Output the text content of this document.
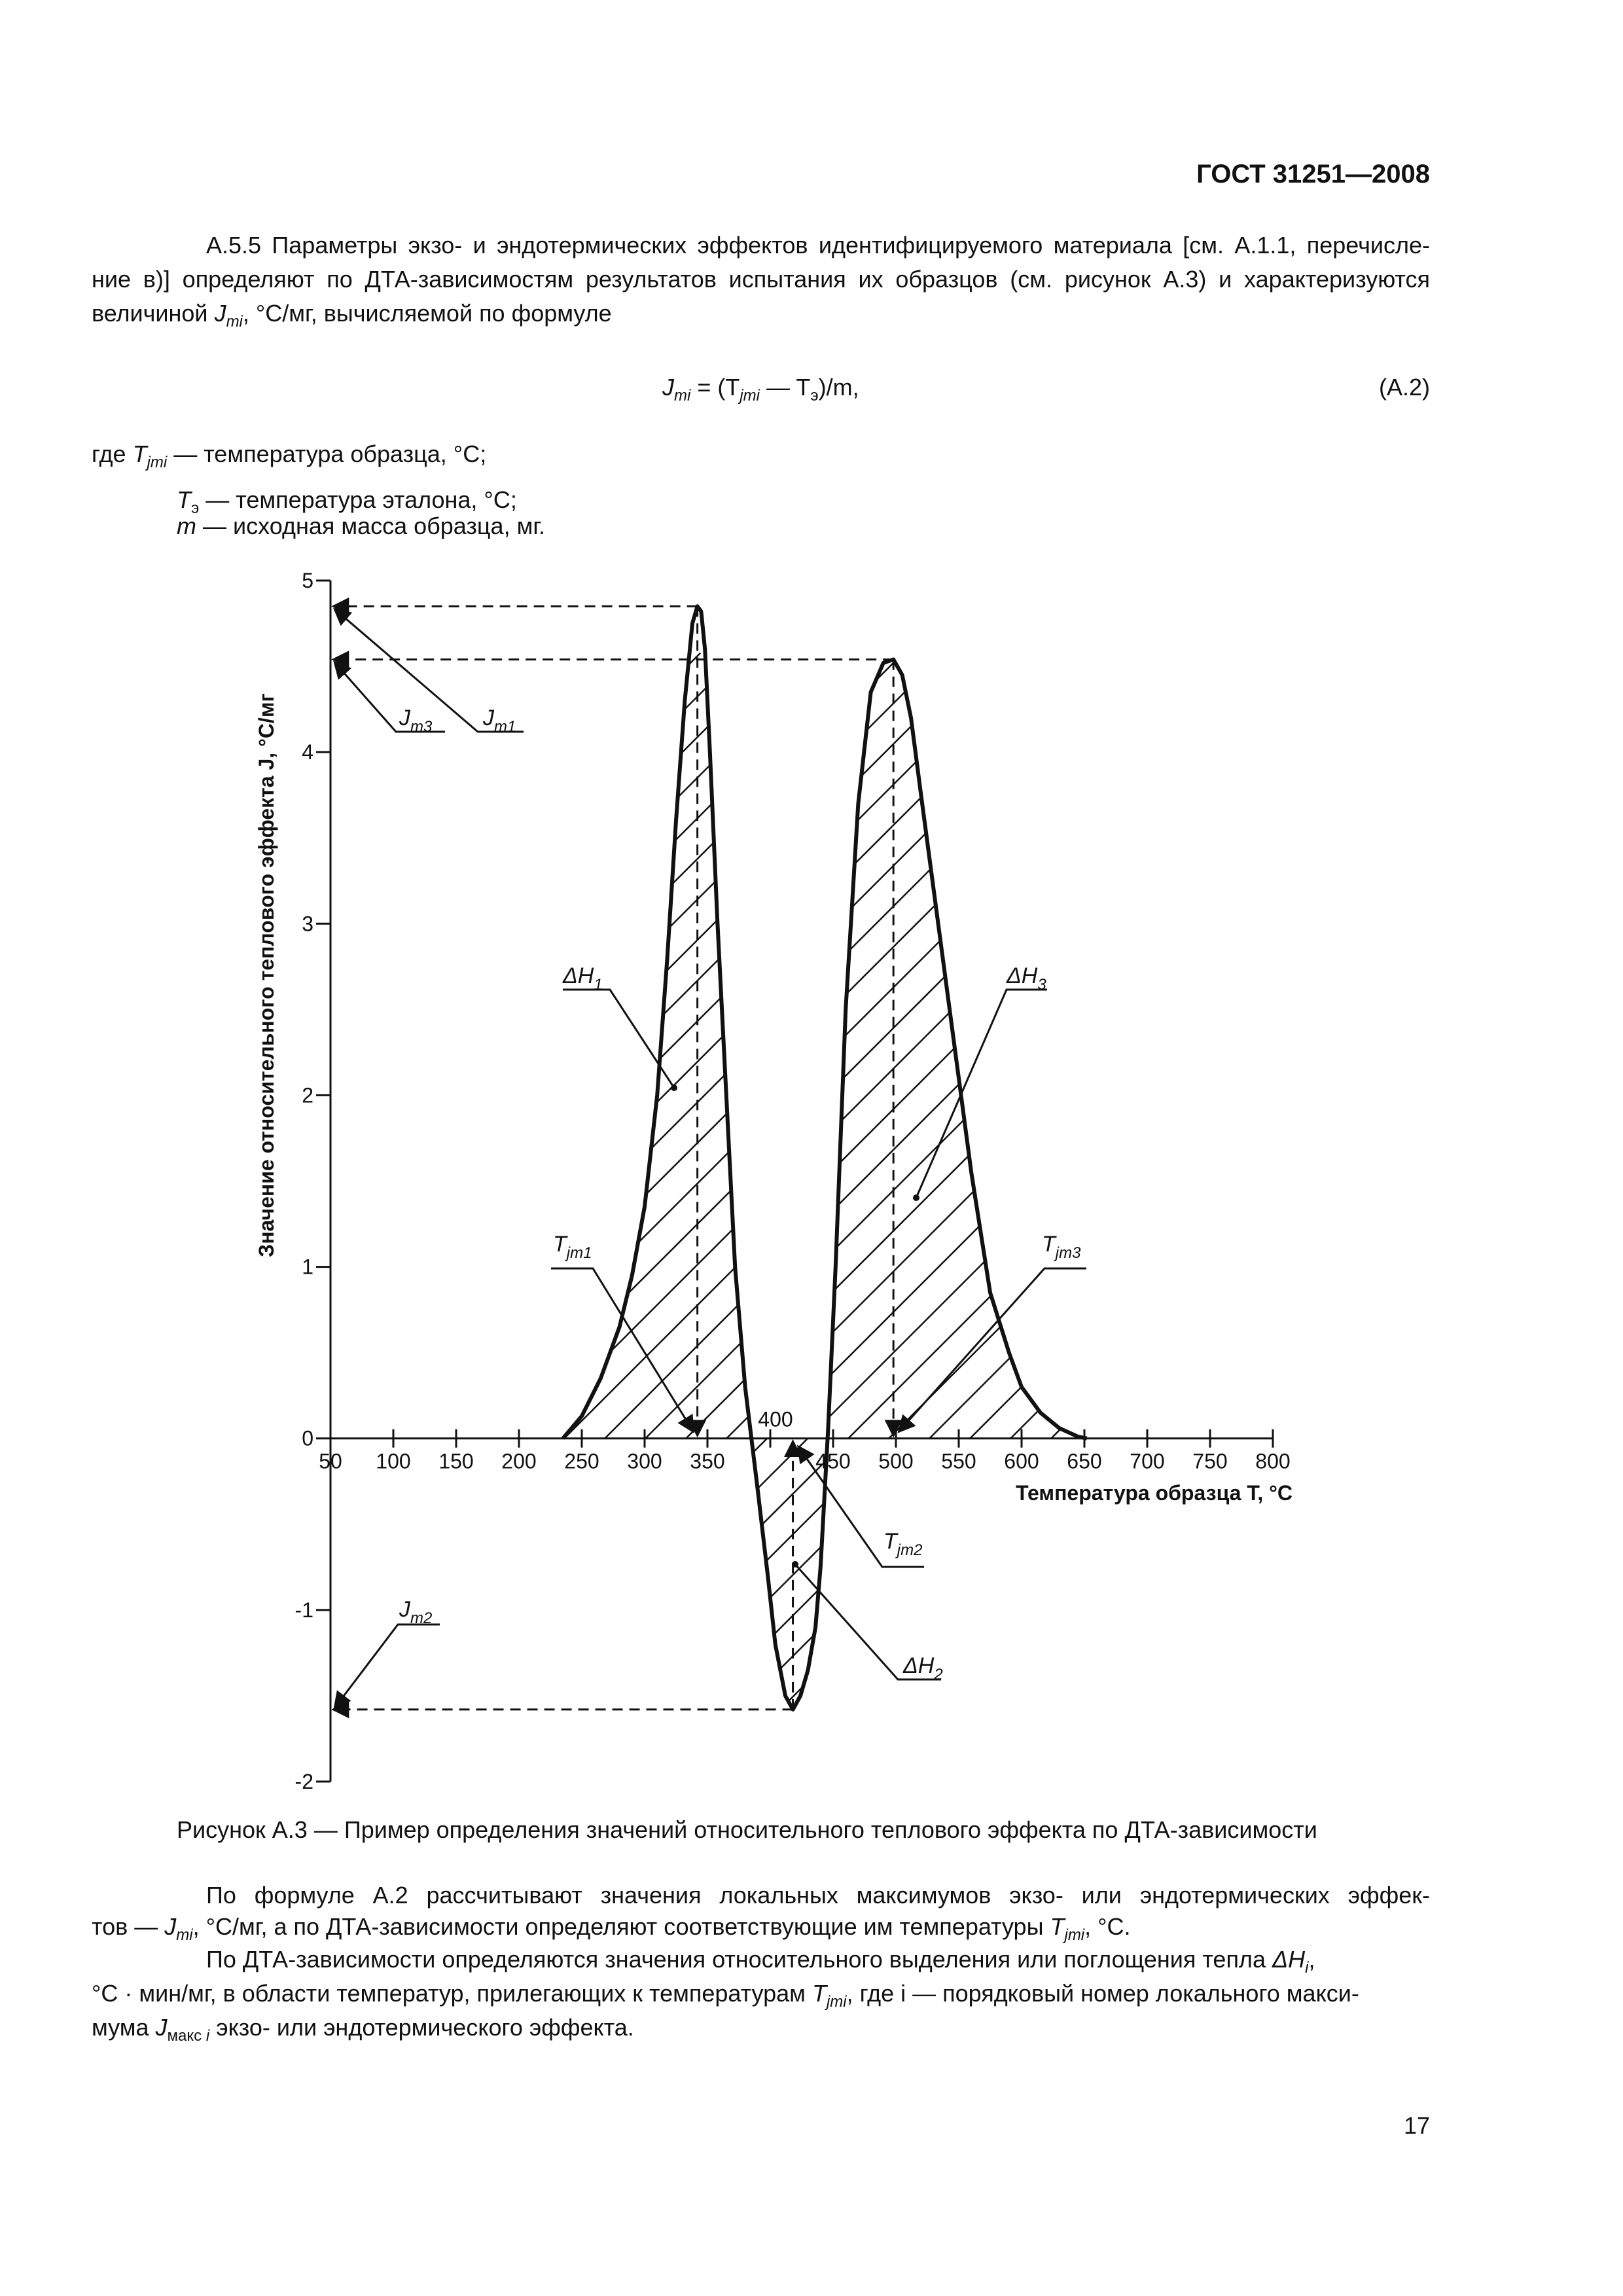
ГОСТ 31251—2008
А.5.5 Параметры экзо- и эндотермических эффектов идентифицируемого материала [см. А.1.1, перечисле-
ние в)] определяют по ДТА-зависимостям результатов испытания их образцов (см. рисунок А.3) и характеризуются
величиной $J_{mi}$, °С/мг, вычисляемой по формуле
$J_{mi} = (T_{jmi}$ — $T_э)/m$,	(А.2)
где $T_{jmi}$ — температура образца, °С;
$T_э$ — температура эталона, °С;
m — исходная масса образца, мг.
-2
-1
0
1
2
3
4
5
50 100 150 200 250 300 350	450 500 550 600 650 700 750 800
400
$J_{m3}$ $J_{m1}$
$\Delta H_1$	$\Delta H_3$
$T_{jm1}$	$T_{jm3}$
$T_{jm2}$
$J_{m2}$
$\Delta H_2$
Значение относительного теплового эффекта J, °С/мг
Температура образца T, °С
Рисунок А.3 — Пример определения значений относительного теплового эффекта по ДТА-зависимости
По формуле А.2 рассчитывают значения локальных максимумов экзо- или эндотермических эффек-
тов — $J_{mi}$, °С/мг, а по ДТА-зависимости определяют соответствующие им температуры $T_{jmi}$, °С.
По ДТА-зависимости определяются значения относительного выделения или поглощения тепла $\Delta H_i$,
°С · мин/мг, в области температур, прилегающих к температурам $T_{jmi}$, где i — порядковый номер локального макси-
мума $J_{макс i}$ экзо- или эндотермического эффекта.
17
